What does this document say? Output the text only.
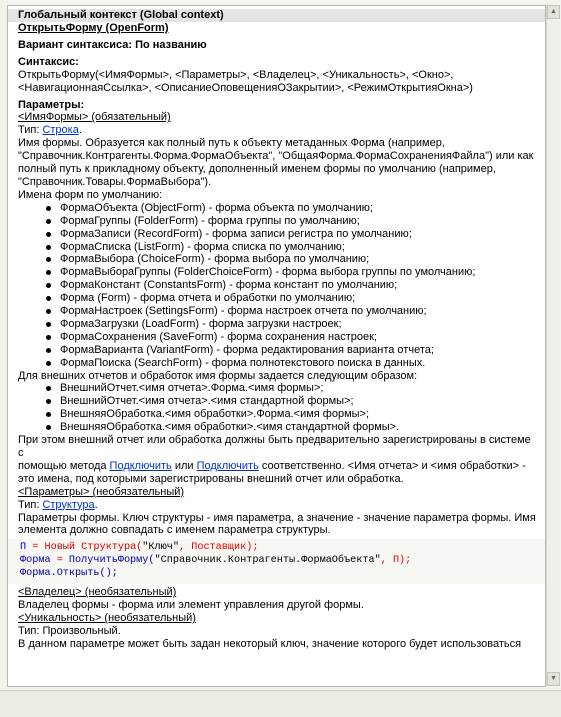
Глобальный контекст (Global context)
ОткрытьФорму (OpenForm)
Вариант синтаксиса: По названию
Синтаксис:
ОткрытьФорму(<ИмяФормы>, <Параметры>, <Владелец>, <Уникальность>, <Окно>,
<НавигационнаяСсылка>, <ОписаниеОповещенияОЗакрытии>, <РежимОткрытияОкна>)
Параметры:
<ИмяФормы> (обязательный)
Тип: Строка.
Имя формы. Образуется как полный путь к объекту метаданных Форма (например,
"Справочник.Контрагенты.Форма.ФормаОбъекта", "ОбщаяФорма.ФормаСохраненияФайла") или как
полный путь к прикладному объекту, дополненный именем формы по умолчанию (например,
"Справочник.Товары.ФормаВыбора").
Имена форм по умолчанию:
ФормаОбъекта (ObjectForm) - форма объекта по умолчанию;
ФормаГруппы (FolderForm) - форма группы по умолчанию;
ФормаЗаписи (RecordForm) - форма записи регистра по умолчанию;
ФормаСписка (ListForm) - форма списка по умолчанию;
ФормаВыбора (ChoiceForm) - форма выбора по умолчанию;
ФормаВыбораГруппы (FolderChoiceForm) - форма выбора группы по умолчанию;
ФормаКонстант (ConstantsForm) - форма констант по умолчанию;
Форма (Form) - форма отчета и обработки по умолчанию;
ФормаНастроек (SettingsForm) - форма настроек отчета по умолчанию;
ФормаЗагрузки (LoadForm) - форма загрузки настроек;
ФормаСохранения (SaveForm) - форма сохранения настроек;
ФормаВарианта (VariantForm) - форма редактирования варианта отчета;
ФормаПоиска (SearchForm) - форма полнотекстового поиска в данных.
Для внешних отчетов и обработок имя формы задается следующим образом:
ВнешнийОтчет.<имя отчета>.Форма.<имя формы>;
ВнешнийОтчет.<имя отчета>.<имя стандартной формы>;
ВнешняяОбработка.<имя обработки>.Форма.<имя формы>;
ВнешняяОбработка.<имя обработки>.<имя стандартной формы>.
При этом внешний отчет или обработка должны быть предварительно зарегистрированы в системе с
помощью метода Подключить или Подключить соответственно. <Имя отчета> и <имя обработки> -
это имена, под которыми зарегистрированы внешний отчет или обработка.
<Параметры> (необязательный)
Тип: Структура.
Параметры формы. Ключ структуры - имя параметра, а значение - значение параметра формы. Имя
элемента должно совпадать с именем параметра структуры.
П = Новый Структура("Ключ", Поставщик);
Форма = ПолучитьФорму("Справочник.Контрагенты.ФормаОбъекта", П);
Форма.Открыть();
<Владелец> (необязательный)
Владелец формы - форма или элемент управления другой формы.
<Уникальность> (необязательный)
Тип: Произвольный.
В данном параметре может быть задан некоторый ключ, значение которого будет использоваться
▲
▼
